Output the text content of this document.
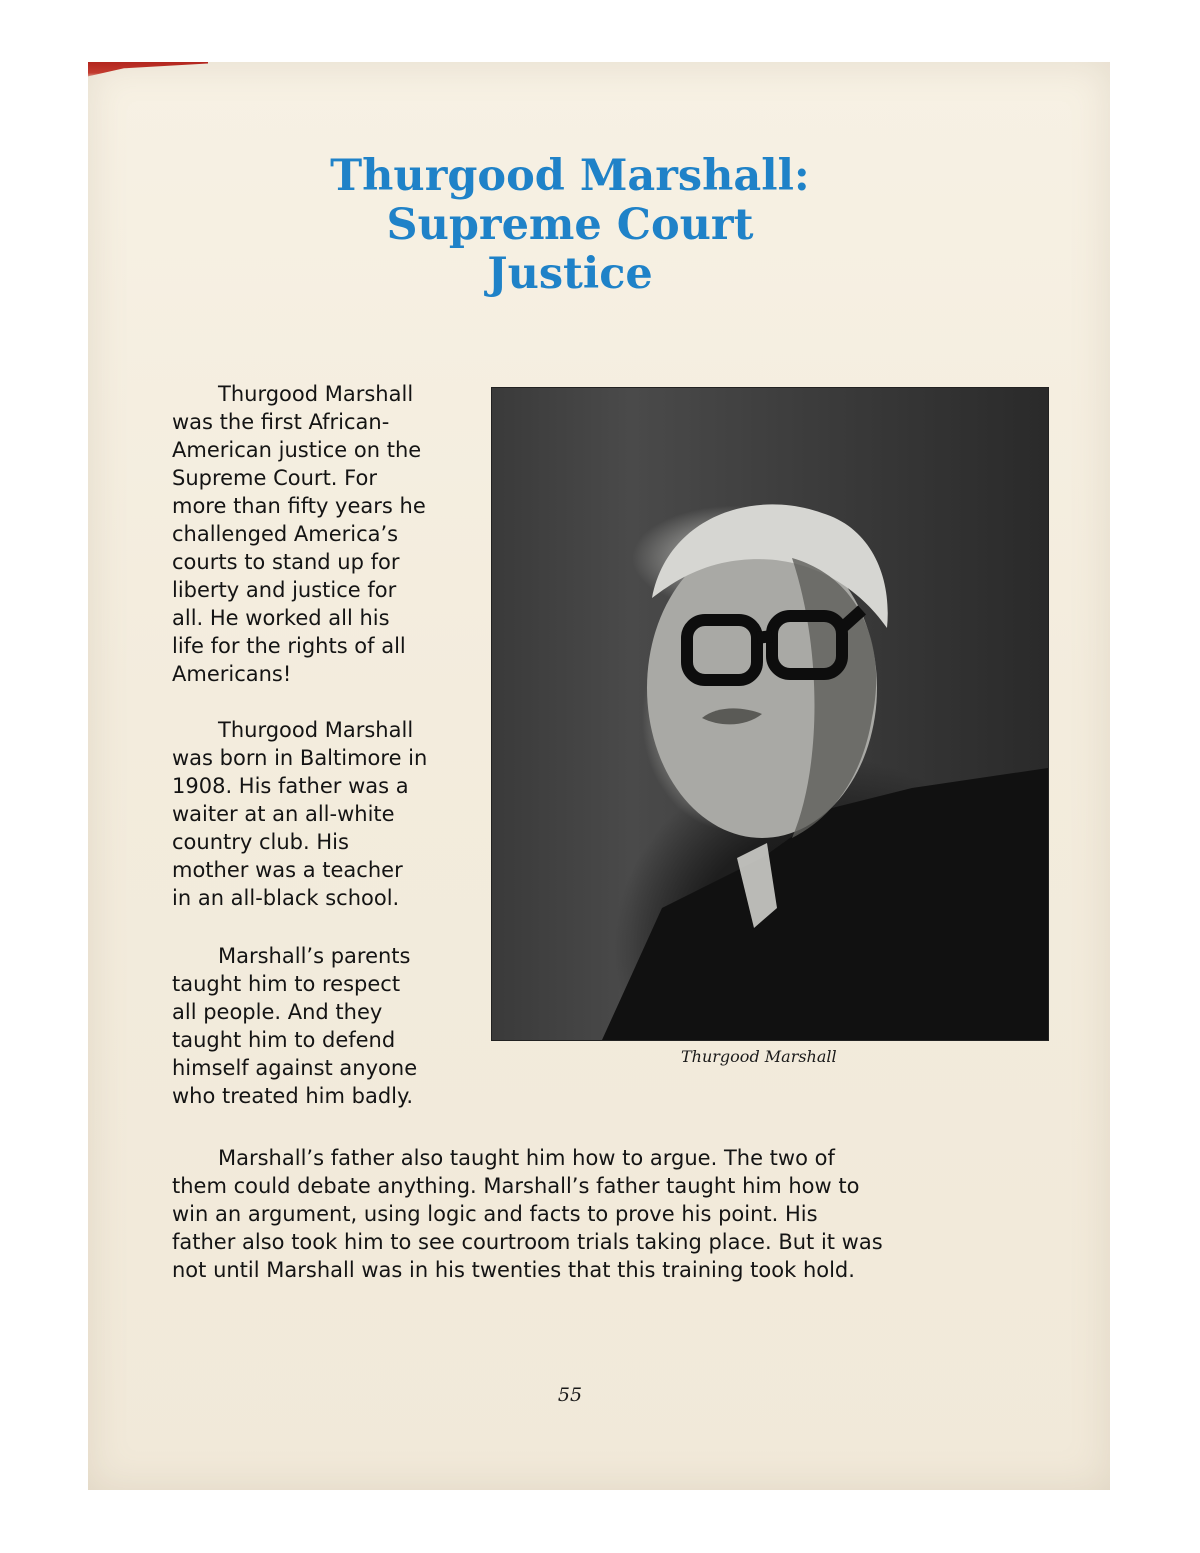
Thurgood Marshall:
Supreme Court
Justice

Thurgood Marshall
was the first African-
American justice on the
Supreme Court. For
more than fifty years he
challenged America’s
courts to stand up for
liberty and justice for
all. He worked all his
life for the rights of all
Americans!

Thurgood Marshall
was born in Baltimore in
1908. His father was a
waiter at an all-white
country club. His
mother was a teacher
in an all-black school.

Marshall’s parents
taught him to respect
all people. And they
taught him to defend
himself against anyone
who treated him badly.

Thurgood Marshall

Marshall’s father also taught him how to argue. The two of
them could debate anything. Marshall’s father taught him how to
win an argument, using logic and facts to prove his point. His
father also took him to see courtroom trials taking place. But it was
not until Marshall was in his twenties that this training took hold.

55
